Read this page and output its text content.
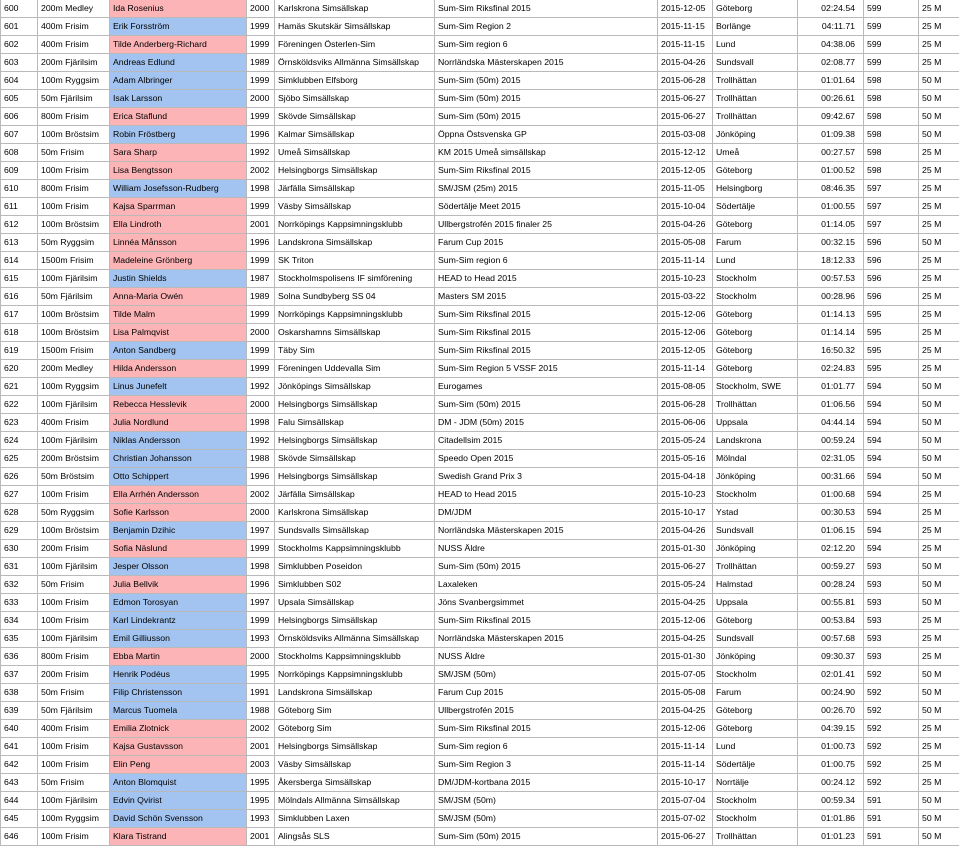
600	200m Medley	Ida Rosenius	2000	Karlskrona Simsällskap	Sum-Sim Riksfinal 2015	2015-12-05	Göteborg	02:24.54	599	25 M
601	400m Frisim	Erik Forsström	1999	Hamäs Skutskär Simsällskap	Sum-Sim Region 2	2015-11-15	Borlänge	04:11.71	599	25 M
602	400m Frisim	Tilde Anderberg-Richard	1999	Föreningen Österlen-Sim	Sum-Sim region 6	2015-11-15	Lund	04:38.06	599	25 M
603	200m Fjärilsim	Andreas Edlund	1989	Örnsköldsviks Allmänna Simsällskap	Norrländska Mästerskapen 2015	2015-04-26	Sundsvall	02:08.77	599	25 M
604	100m Ryggsim	Adam Albringer	1999	Simklubben Elfsborg	Sum-Sim (50m) 2015	2015-06-28	Trollhättan	01:01.64	598	50 M
605	50m Fjärilsim	Isak Larsson	2000	Sjöbo Simsällskap	Sum-Sim (50m) 2015	2015-06-27	Trollhättan	00:26.61	598	50 M
606	800m Frisim	Erica Staflund	1999	Skövde Simsällskap	Sum-Sim (50m) 2015	2015-06-27	Trollhättan	09:42.67	598	50 M
607	100m Bröstsim	Robin Fröstberg	1996	Kalmar Simsällskap	Öppna Östsvenska GP	2015-03-08	Jönköping	01:09.38	598	50 M
608	50m Frisim	Sara Sharp	1992	Umeå Simsällskap	KM 2015 Umeå simsällskap	2015-12-12	Umeå	00:27.57	598	25 M
609	100m Frisim	Lisa Bengtsson	2002	Helsingborgs Simsällskap	Sum-Sim Riksfinal 2015	2015-12-05	Göteborg	01:00.52	598	25 M
610	800m Frisim	William Josefsson-Rudberg	1998	Järfälla Simsällskap	SM/JSM (25m) 2015	2015-11-05	Helsingborg	08:46.35	597	25 M
611	100m Frisim	Kajsa Sparrman	1999	Väsby Simsällskap	Södertälje Meet 2015	2015-10-04	Södertälje	01:00.55	597	25 M
612	100m Bröstsim	Ella Lindroth	2001	Norrköpings Kappsimningsklubb	Ullbergstrofén 2015 finaler 25	2015-04-26	Göteborg	01:14.05	597	25 M
613	50m Ryggsim	Linnéa Månsson	1996	Landskrona Simsällskap	Farum Cup 2015	2015-05-08	Farum	00:32.15	596	50 M
614	1500m Frisim	Madeleine Grönberg	1999	SK Triton	Sum-Sim region 6	2015-11-14	Lund	18:12.33	596	25 M
615	100m Fjärilsim	Justin Shields	1987	Stockholmspolisens IF simförening	HEAD to Head 2015	2015-10-23	Stockholm	00:57.53	596	25 M
616	50m Fjärilsim	Anna-Maria Owén	1989	Solna Sundbyberg SS 04	Masters SM 2015	2015-03-22	Stockholm	00:28.96	596	25 M
617	100m Bröstsim	Tilde Malm	1999	Norrköpings Kappsimningsklubb	Sum-Sim Riksfinal 2015	2015-12-06	Göteborg	01:14.13	595	25 M
618	100m Bröstsim	Lisa Palmqvist	2000	Oskarshamns Simsällskap	Sum-Sim Riksfinal 2015	2015-12-06	Göteborg	01:14.14	595	25 M
619	1500m Frisim	Anton Sandberg	1999	Täby Sim	Sum-Sim Riksfinal 2015	2015-12-05	Göteborg	16:50.32	595	25 M
620	200m Medley	Hilda Andersson	1999	Föreningen Uddevalla Sim	Sum-Sim Region 5 VSSF 2015	2015-11-14	Göteborg	02:24.83	595	25 M
621	100m Ryggsim	Linus Junefelt	1992	Jönköpings Simsällskap	Eurogames	2015-08-05	Stockholm, SWE	01:01.77	594	50 M
622	100m Fjärilsim	Rebecca Hesslevik	2000	Helsingborgs Simsällskap	Sum-Sim (50m) 2015	2015-06-28	Trollhättan	01:06.56	594	50 M
623	400m Frisim	Julia Nordlund	1998	Falu Simsällskap	DM - JDM (50m) 2015	2015-06-06	Uppsala	04:44.14	594	50 M
624	100m Fjärilsim	Niklas Andersson	1992	Helsingborgs Simsällskap	Citadellsim 2015	2015-05-24	Landskrona	00:59.24	594	50 M
625	200m Bröstsim	Christian Johansson	1988	Skövde Simsällskap	Speedo Open 2015	2015-05-16	Mölndal	02:31.05	594	50 M
626	50m Bröstsim	Otto Schippert	1996	Helsingborgs Simsällskap	Swedish Grand Prix 3	2015-04-18	Jönköping	00:31.66	594	50 M
627	100m Frisim	Ella Arrhén Andersson	2002	Järfälla Simsällskap	HEAD to Head 2015	2015-10-23	Stockholm	01:00.68	594	25 M
628	50m Ryggsim	Sofie Karlsson	2000	Karlskrona Simsällskap	DM/JDM	2015-10-17	Ystad	00:30.53	594	25 M
629	100m Bröstsim	Benjamin Dzihic	1997	Sundsvalls Simsällskap	Norrländska Mästerskapen 2015	2015-04-26	Sundsvall	01:06.15	594	25 M
630	200m Frisim	Sofia Näslund	1999	Stockholms Kappsimningsklubb	NUSS Äldre	2015-01-30	Jönköping	02:12.20	594	25 M
631	100m Fjärilsim	Jesper Olsson	1998	Simklubben Poseidon	Sum-Sim (50m) 2015	2015-06-27	Trollhättan	00:59.27	593	50 M
632	50m Frisim	Julia Bellvik	1996	Simklubben S02	Laxaleken	2015-05-24	Halmstad	00:28.24	593	50 M
633	100m Frisim	Edmon Torosyan	1997	Upsala Simsällskap	Jöns Svanbergsimmet	2015-04-25	Uppsala	00:55.81	593	50 M
634	100m Frisim	Karl Lindekrantz	1999	Helsingborgs Simsällskap	Sum-Sim Riksfinal 2015	2015-12-06	Göteborg	00:53.84	593	25 M
635	100m Fjärilsim	Emil Gilliusson	1993	Örnsköldsviks Allmänna Simsällskap	Norrländska Mästerskapen 2015	2015-04-25	Sundsvall	00:57.68	593	25 M
636	800m Frisim	Ebba Martin	2000	Stockholms Kappsimningsklubb	NUSS Äldre	2015-01-30	Jönköping	09:30.37	593	25 M
637	200m Frisim	Henrik Podéus	1995	Norrköpings Kappsimningsklubb	SM/JSM (50m)	2015-07-05	Stockholm	02:01.41	592	50 M
638	50m Frisim	Filip Christensson	1991	Landskrona Simsällskap	Farum Cup 2015	2015-05-08	Farum	00:24.90	592	50 M
639	50m Fjärilsim	Marcus Tuomela	1988	Göteborg Sim	Ullbergstrofén 2015	2015-04-25	Göteborg	00:26.70	592	50 M
640	400m Frisim	Emilia Zlotnick	2002	Göteborg Sim	Sum-Sim Riksfinal 2015	2015-12-06	Göteborg	04:39.15	592	25 M
641	100m Frisim	Kajsa Gustavsson	2001	Helsingborgs Simsällskap	Sum-Sim region 6	2015-11-14	Lund	01:00.73	592	25 M
642	100m Frisim	Elin Peng	2003	Väsby Simsällskap	Sum-Sim Region 3	2015-11-14	Södertälje	01:00.75	592	25 M
643	50m Frisim	Anton Blomquist	1995	Åkersberga Simsällskap	DM/JDM-kortbana 2015	2015-10-17	Norrtälje	00:24.12	592	25 M
644	100m Fjärilsim	Edvin Qvirist	1995	Mölndals Allmänna Simsällskap	SM/JSM (50m)	2015-07-04	Stockholm	00:59.34	591	50 M
645	100m Ryggsim	David Schön Svensson	1993	Simklubben Laxen	SM/JSM (50m)	2015-07-02	Stockholm	01:01.86	591	50 M
646	100m Frisim	Klara Tistrand	2001	Alingsås SLS	Sum-Sim (50m) 2015	2015-06-27	Trollhättan	01:01.23	591	50 M
